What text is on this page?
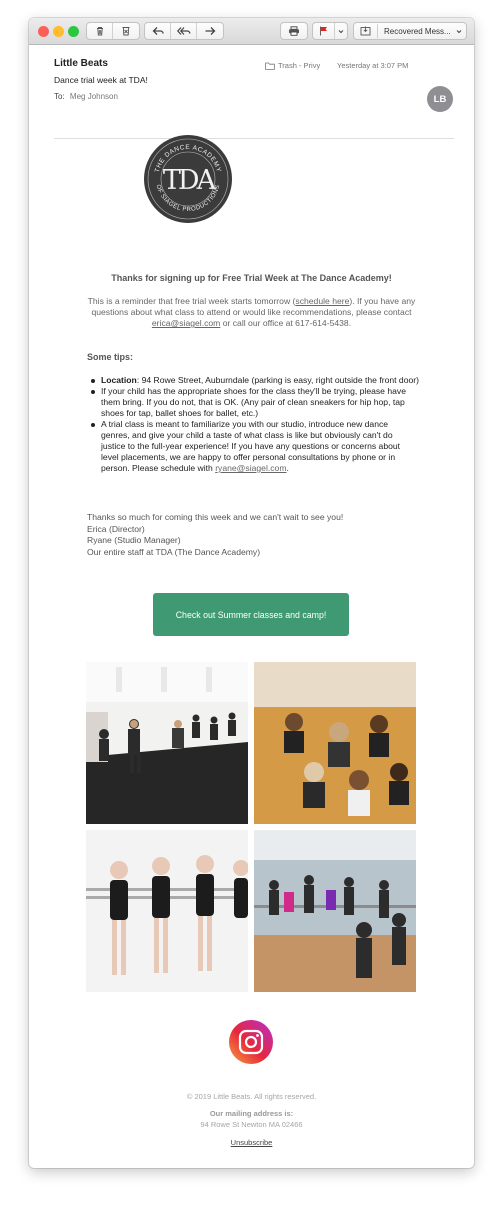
Recovered Mess...
Little Beats
Dance trial week at TDA!
To: Meg Johnson
Trash - Privy Yesterday at 3:07 PM
LB
THE DANCE ACADEMY
OF SIAGEL PRODUCTIONS
TDA
Thanks for signing up for Free Trial Week at The Dance Academy!
This is a reminder that free trial week starts tomorrow (schedule here). If you have any questions about what class to attend or would like recommendations, please contact erica@siagel.com or call our office at 617-614-5438.
Some tips:
Location: 94 Rowe Street, Auburndale (parking is easy, right outside the front door)
If your child has the appropriate shoes for the class they'll be trying, please have them bring. If you do not, that is OK. (Any pair of clean sneakers for hip hop, tap shoes for tap, ballet shoes for ballet, etc.)
A trial class is meant to familiarize you with our studio, introduce new dance genres, and give your child a taste of what class is like but obviously can't do justice to the full-year experience! If you have any questions or concerns about level placements, we are happy to offer personal consultations by phone or in person. Please schedule with ryane@siagel.com.
Thanks so much for coming this week and we can't wait to see you!
Erica (Director)
Ryane (Studio Manager)
Our entire staff at TDA (The Dance Academy)
Check out Summer classes and camp!
© 2019 Little Beats. All rights reserved.
Our mailing address is:
94 Rowe St Newton MA 02466
Unsubscribe
